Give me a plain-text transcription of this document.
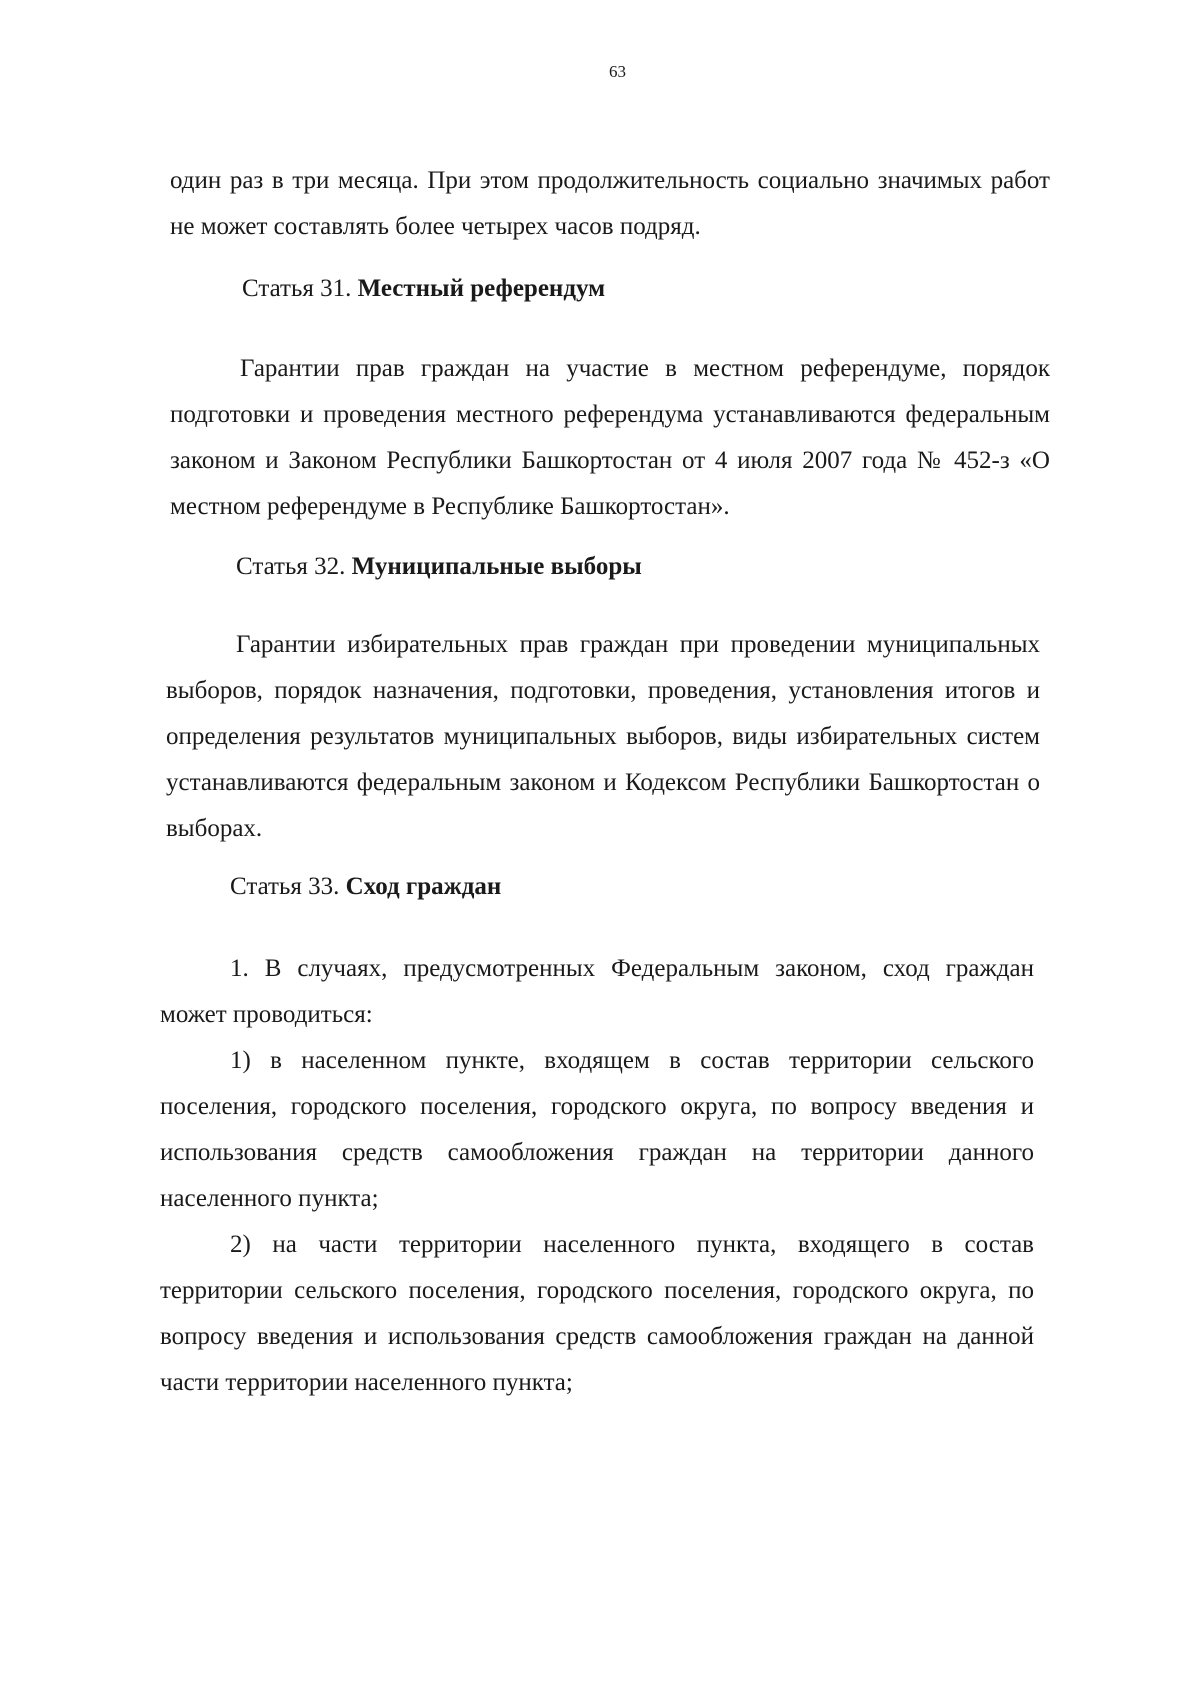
63

один раз в три месяца. При этом продолжительность социально значимых работ не может составлять более четырех часов подряд.

Статья 31. Местный референдум

Гарантии прав граждан на участие в местном референдуме, порядок подготовки и проведения местного референдума устанавливаются федеральным законом и Законом Республики Башкортостан от 4 июля 2007 года № 452-з «О местном референдуме в Республике Башкортостан».

Статья 32. Муниципальные выборы

Гарантии избирательных прав граждан при проведении муниципальных выборов, порядок назначения, подготовки, проведения, установления итогов и определения результатов муниципальных выборов, виды избирательных систем устанавливаются федеральным законом и Кодексом Республики Башкортостан о выборах.

Статья 33. Сход граждан

1. В случаях, предусмотренных Федеральным законом, сход граждан может проводиться:

1) в населенном пункте, входящем в состав территории сельского поселения, городского поселения, городского округа, по вопросу введения и использования средств самообложения граждан на территории данного населенного пункта;

2) на части территории населенного пункта, входящего в состав территории сельского поселения, городского поселения, городского округа, по вопросу введения и использования средств самообложения граждан на данной части территории населенного пункта;
